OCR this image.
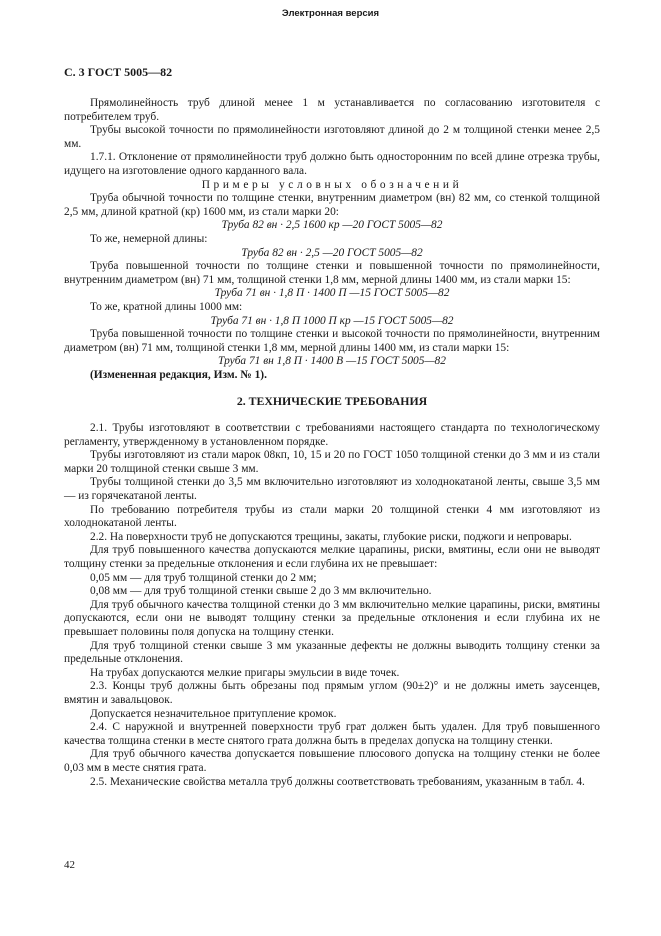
Электронная версия
С. 3 ГОСТ 5005—82

Прямолинейность труб длиной менее 1 м устанавливается по согласованию изготовителя с потребителем труб.

Трубы высокой точности по прямолинейности изготовляют длиной до 2 м толщиной стенки менее 2,5 мм.

1.7.1. Отклонение от прямолинейности труб должно быть односторонним по всей длине отрезка трубы, идущего на изготовление одного карданного вала.

Примеры условных обозначений

Труба обычной точности по толщине стенки, внутренним диаметром (вн) 82 мм, со стенкой толщиной 2,5 мм, длиной кратной (кр) 1600 мм, из стали марки 20:

Труба 82 вн · 2,5 1600 кр —20 ГОСТ 5005—82

То же, немерной длины:

Труба 82 вн · 2,5 —20 ГОСТ 5005—82

Труба повышенной точности по толщине стенки и повышенной точности по прямолинейности, внутренним диаметром (вн) 71 мм, толщиной стенки 1,8 мм, мерной длины 1400 мм, из стали марки 15:

Труба 71 вн · 1,8 П · 1400 П —15 ГОСТ 5005—82

То же, кратной длины 1000 мм:

Труба 71 вн · 1,8 П 1000 П кр —15 ГОСТ 5005—82

Труба повышенной точности по толщине стенки и высокой точности по прямолинейности, внутренним диаметром (вн) 71 мм, толщиной стенки 1,8 мм, мерной длины 1400 мм, из стали марки 15:

Труба 71 вн 1,8 П · 1400 В —15 ГОСТ 5005—82

(Измененная редакция, Изм. № 1).

2. ТЕХНИЧЕСКИЕ ТРЕБОВАНИЯ

2.1. Трубы изготовляют в соответствии с требованиями настоящего стандарта по технологическому регламенту, утвержденному в установленном порядке.

Трубы изготовляют из стали марок 08кп, 10, 15 и 20 по ГОСТ 1050 толщиной стенки до 3 мм и из стали марки 20 толщиной стенки свыше 3 мм.

Трубы толщиной стенки до 3,5 мм включительно изготовляют из холоднокатаной ленты, свыше 3,5 мм — из горячекатаной ленты.

По требованию потребителя трубы из стали марки 20 толщиной стенки 4 мм изготовляют из холоднокатаной ленты.

2.2. На поверхности труб не допускаются трещины, закаты, глубокие риски, поджоги и непровары.

Для труб повышенного качества допускаются мелкие царапины, риски, вмятины, если они не выводят толщину стенки за предельные отклонения и если глубина их не превышает:

0,05 мм — для труб толщиной стенки до 2 мм;

0,08 мм — для труб толщиной стенки свыше 2 до 3 мм включительно.

Для труб обычного качества толщиной стенки до 3 мм включительно мелкие царапины, риски, вмятины допускаются, если они не выводят толщину стенки за предельные отклонения и если глубина их не превышает половины поля допуска на толщину стенки.

Для труб толщиной стенки свыше 3 мм указанные дефекты не должны выводить толщину стенки за предельные отклонения.

На трубах допускаются мелкие пригары эмульсии в виде точек.

2.3. Концы труб должны быть обрезаны под прямым углом (90±2)° и не должны иметь заусенцев, вмятин и завальцовок.

Допускается незначительное притупление кромок.

2.4. С наружной и внутренней поверхности труб грат должен быть удален. Для труб повышенного качества толщина стенки в месте снятого грата должна быть в пределах допуска на толщину стенки.

Для труб обычного качества допускается повышение плюсового допуска на толщину стенки не более 0,03 мм в месте снятия грата.

2.5. Механические свойства металла труб должны соответствовать требованиям, указанным в табл. 4.

42
